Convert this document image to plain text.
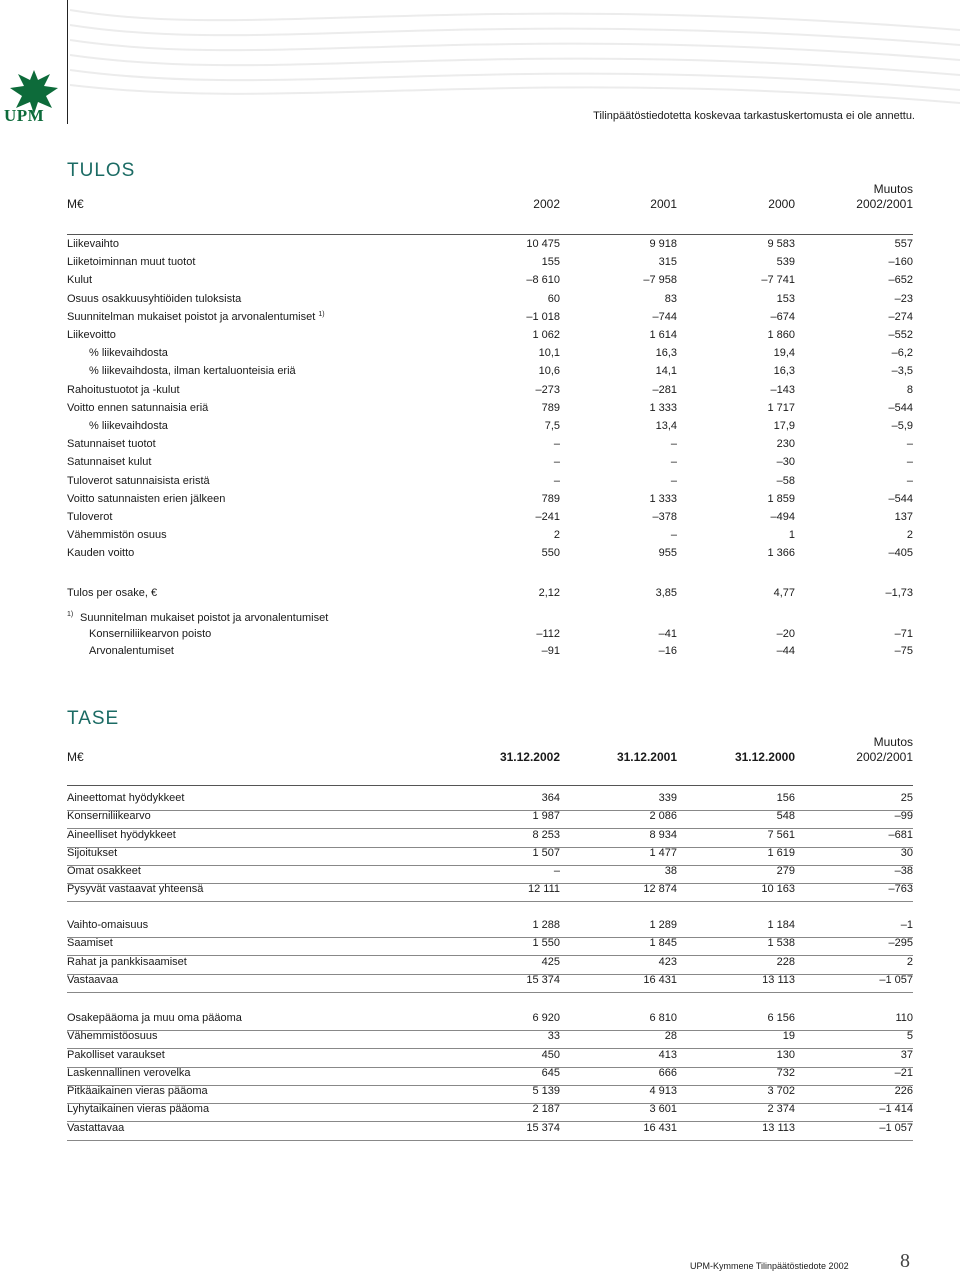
UPM	Tilinpäätöstiedotetta koskevaa tarkastuskertomusta ei ole annettu.
TULOS
M€	2002	2001	2000
Muutos
2002/2001
Liikevaihto	10 475	9 918	9 583	557
Liiketoiminnan muut tuotot	155	315	539	–160
Kulut	–8 610	–7 958	–7 741	–652
Osuus osakkuusyhtiöiden tuloksista	60	83	153	–23
Suunnitelman mukaiset poistot ja arvonalentumiset $^{1)}$	–1 018	–744	–674	–274
Liikevoitto	1 062	1 614	1 860	–552
% liikevaihdosta	10,1	16,3	19,4	–6,2
% liikevaihdosta, ilman kertaluonteisia eriä	10,6	14,1	16,3	–3,5
Rahoitustuotot ja -kulut	–273	–281	–143	8
Voitto ennen satunnaisia eriä	789	1 333	1 717	–544
% liikevaihdosta	7,5	13,4	17,9	–5,9
Satunnaiset tuotot	–	–	230	–
Satunnaiset kulut	–	–	–30	–
Tuloverot satunnaisista eristä	–	–	–58	–
Voitto satunnaisten erien jälkeen	789	1 333	1 859	–544
Tuloverot	–241	–378	–494	137
Vähemmistön osuus	2	–	1	2
Kauden voitto	550	955	1 366	–405
Tulos per osake, €	2,12	3,85	4,77	–1,73
1) Suunnitelman mukaiset poistot ja arvonalentumiset
Konserniliikearvon poisto	–112	–41	–20	–71
Arvonalentumiset	–91	–16	–44	–75
TASE
M€	31.12.2002	31.12.2001	31.12.2000
Muutos
2002/2001
Aineettomat hyödykkeet	364	339	156	25
Konserniliikearvo	1 987	2 086	548	–99
Aineelliset hyödykkeet	8 253	8 934	7 561	–681
Sijoitukset	1 507	1 477	1 619	30
Omat osakkeet	–	38	279	–38
Pysyvät vastaavat yhteensä	12 111	12 874	10 163	–763
Vaihto-omaisuus	1 288	1 289	1 184	–1
Saamiset	1 550	1 845	1 538	–295
Rahat ja pankkisaamiset	425	423	228	2
Vastaavaa	15 374	16 431	13 113	–1 057
Osakepääoma ja muu oma pääoma	6 920	6 810	6 156	110
Vähemmistöosuus	33	28	19	5
Pakolliset varaukset	450	413	130	37
Laskennallinen verovelka	645	666	732	–21
Pitkäaikainen vieras pääoma	5 139	4 913	3 702	226
Lyhytaikainen vieras pääoma	2 187	3 601	2 374	–1 414
Vastattavaa	15 374	16 431	13 113	–1 057
UPM-Kymmene Tilinpäätöstiedote 2002	8
